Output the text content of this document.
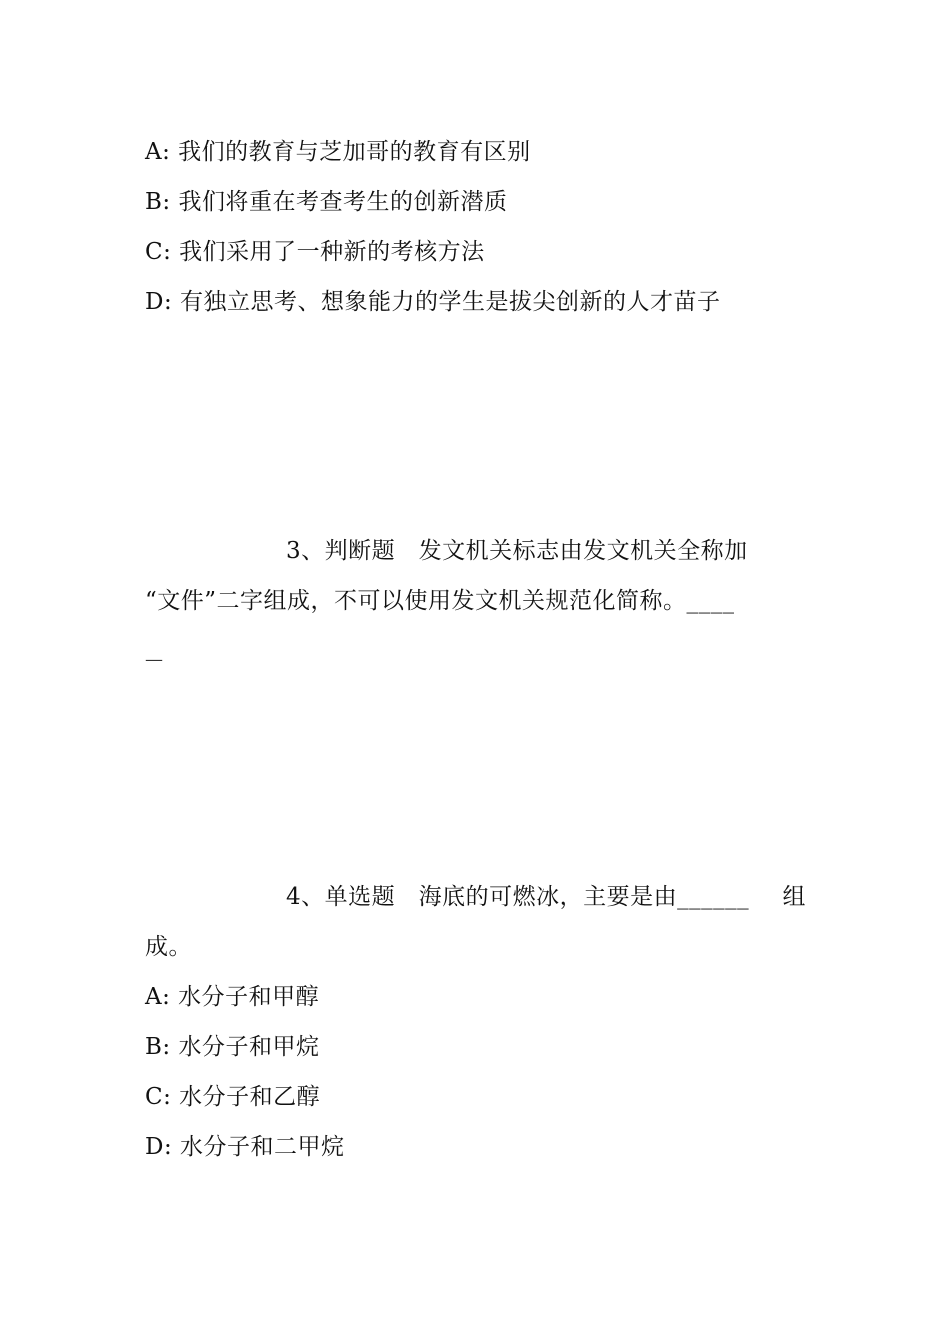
A: 我们的教育与芝加哥的教育有区别
B: 我们将重在考查考生的创新潜质
C: 我们采用了一种新的考核方法
D: 有独立思考、想象能力的学生是拔尖创新的人才苗子
3、判断题　发文机关标志由发文机关全称加
“文件”二字组成，不可以使用发文机关规范化简称。____
—
4、单选题　海底的可燃冰，主要是由______ 组
成。
A: 水分子和甲醇
B: 水分子和甲烷
C: 水分子和乙醇
D: 水分子和二甲烷
